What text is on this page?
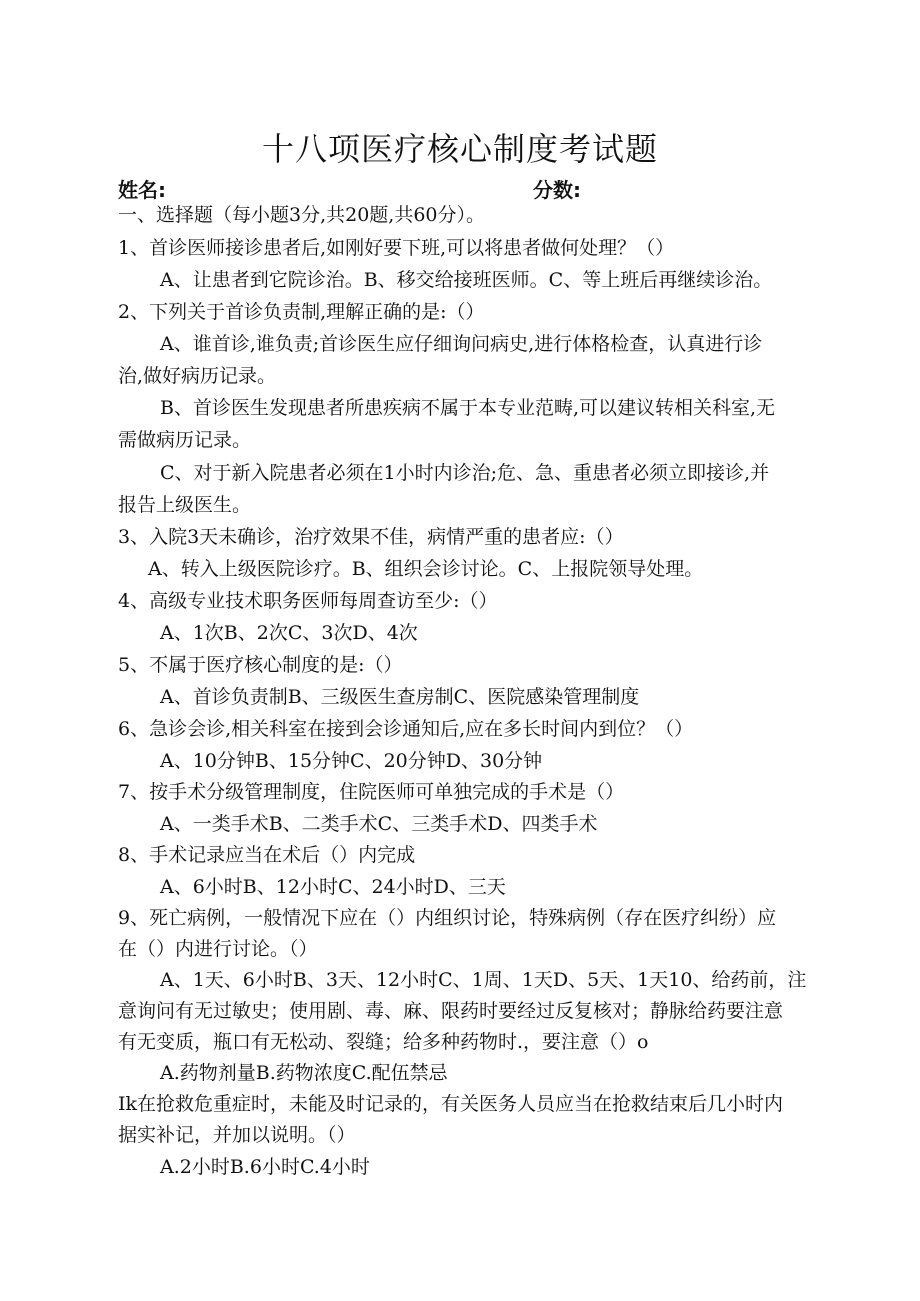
十八项医疗核心制度考试题
姓名:	分数:
一、选择题（每小题3分,共20题,共60分）。
1、首诊医师接诊患者后,如刚好要下班,可以将患者做何处理？（）
A、让患者到它院诊治。B、移交给接班医师。C、等上班后再继续诊治。
2、下列关于首诊负责制,理解正确的是:（）
A、谁首诊,谁负责;首诊医生应仔细询问病史,进行体格检查，认真进行诊
治,做好病历记录。
B、首诊医生发现患者所患疾病不属于本专业范畴,可以建议转相关科室,无
需做病历记录。
C、对于新入院患者必须在1小时内诊治;危、急、重患者必须立即接诊,并
报告上级医生。
3、入院3天未确诊，治疗效果不佳，病情严重的患者应:（）
A、转入上级医院诊疗。B、组织会诊讨论。C、上报院领导处理。
4、高级专业技术职务医师每周查访至少:（）
A、1次B、2次C、3次D、4次
5、不属于医疗核心制度的是:（）
A、首诊负责制B、三级医生查房制C、医院感染管理制度
6、急诊会诊,相关科室在接到会诊通知后,应在多长时间内到位？（）
A、10分钟B、15分钟C、20分钟D、30分钟
7、按手术分级管理制度，住院医师可单独完成的手术是（）
A、一类手术B、二类手术C、三类手术D、四类手术
8、手术记录应当在术后（）内完成
A、6小时B、12小时C、24小时D、三天
9、死亡病例，一般情况下应在（）内组织讨论，特殊病例（存在医疗纠纷）应
在（）内进行讨论。（）
A、1天、6小时B、3天、12小时C、1周、1天D、5天、1天10、给药前，注
意询问有无过敏史；使用剧、毒、麻、限药时要经过反复核对；静脉给药要注意
有无变质，瓶口有无松动、裂缝；给多种药物时.，要注意（）o
A.药物剂量B.药物浓度C.配伍禁忌
Ik在抢救危重症时，未能及时记录的，有关医务人员应当在抢救结束后几小时内
据实补记，并加以说明。（）
A.2小时B.6小时C.4小时
